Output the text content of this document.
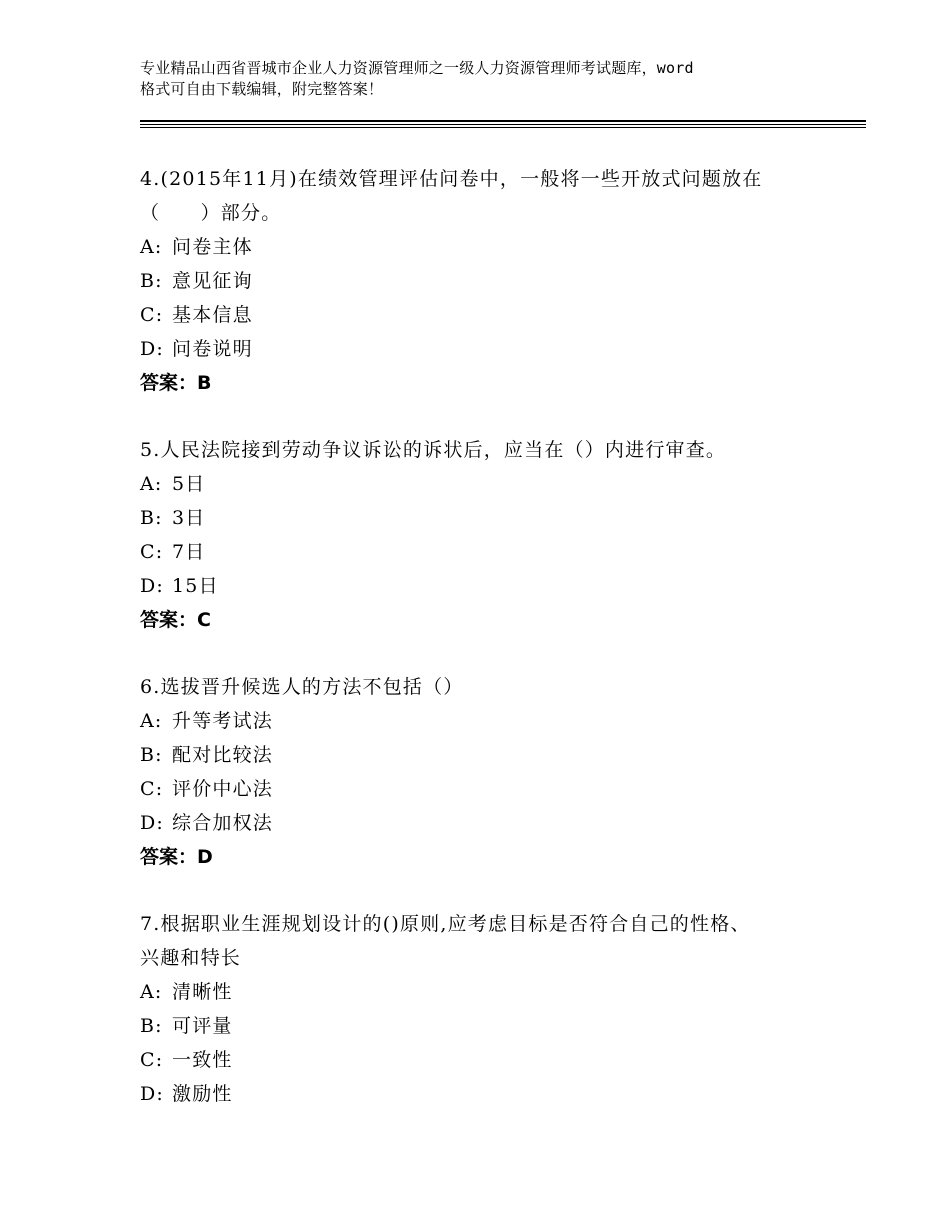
专业精品山西省晋城市企业人力资源管理师之一级人力资源管理师考试题库，word
格式可自由下载编辑，附完整答案！
4.(2015年11月)在绩效管理评估问卷中，一般将一些开放式问题放在
（　　）部分。
A: 问卷主体
B: 意见征询
C: 基本信息
D: 问卷说明
答案：B
5.人民法院接到劳动争议诉讼的诉状后，应当在（）内进行审查。
A: 5日
B: 3日
C: 7日
D: 15日
答案：C
6.选拔晋升候选人的方法不包括（）
A: 升等考试法
B: 配对比较法
C: 评价中心法
D: 综合加权法
答案：D
7.根据职业生涯规划设计的()原则,应考虑目标是否符合自己的性格、
兴趣和特长
A: 清晰性
B: 可评量
C: 一致性
D: 激励性
